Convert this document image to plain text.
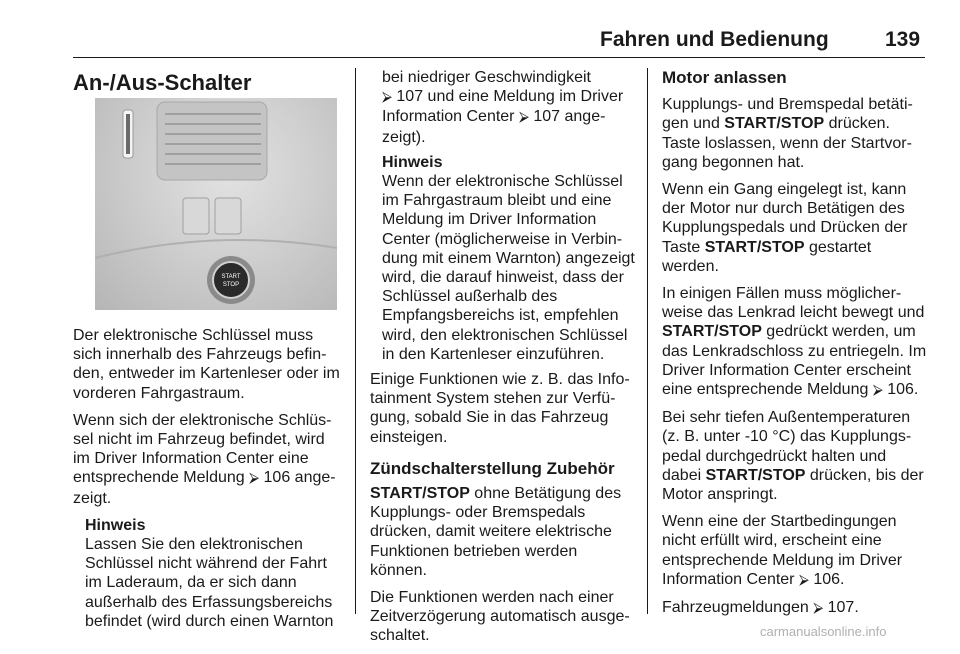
Fahren und Bedienung	139
An-/Aus-Schalter
START
STOP

Der elektronische Schlüssel muss sich innerhalb des Fahrzeugs befinden, entweder im Kartenleser oder im vorderen Fahrgastraum.

Wenn sich der elektronische Schlüssel nicht im Fahrzeug befindet, wird im Driver Information Center eine entsprechende Meldung ⮚ 106 angezeigt.

Hinweis
Lassen Sie den elektronischen Schlüssel nicht während der Fahrt im Laderaum, da er sich dann außerhalb des Erfassungsbereichs befindet (wird durch einen Warnton

bei niedriger Geschwindigkeit
⮚ 107 und eine Meldung im Driver Information Center ⮚ 107 angezeigt).

Hinweis

Wenn der elektronische Schlüssel im Fahrgastraum bleibt und eine Meldung im Driver Information Center (möglicherweise in Verbindung mit einem Warnton) angezeigt wird, die darauf hinweist, dass der Schlüssel außerhalb des Empfangsbereichs ist, empfehlen wird, den elektronischen Schlüssel in den Kartenleser einzuführen.

Einige Funktionen wie z. B. das Infotainment System stehen zur Verfügung, sobald Sie in das Fahrzeug einsteigen.

Zündschalterstellung Zubehör

START/STOP ohne Betätigung des Kupplungs- oder Bremspedals drücken, damit weitere elektrische Funktionen betrieben werden können.

Die Funktionen werden nach einer Zeitverzögerung automatisch ausgeschaltet.

Motor anlassen

Kupplungs- und Bremspedal betätigen und START/STOP drücken. Taste loslassen, wenn der Startvorgang begonnen hat.

Wenn ein Gang eingelegt ist, kann der Motor nur durch Betätigen des Kupplungspedals und Drücken der Taste START/STOP gestartet werden.

In einigen Fällen muss möglicherweise das Lenkrad leicht bewegt und START/STOP gedrückt werden, um das Lenkradschloss zu entriegeln. Im Driver Information Center erscheint eine entsprechende Meldung ⮚ 106.

Bei sehr tiefen Außentemperaturen (z. B. unter -10 °C) das Kupplungspedal durchgedrückt halten und dabei START/STOP drücken, bis der Motor anspringt.

Wenn eine der Startbedingungen nicht erfüllt wird, erscheint eine entsprechende Meldung im Driver Information Center ⮚ 106.

Fahrzeugmeldungen ⮚ 107.

carmanualsonline.info
